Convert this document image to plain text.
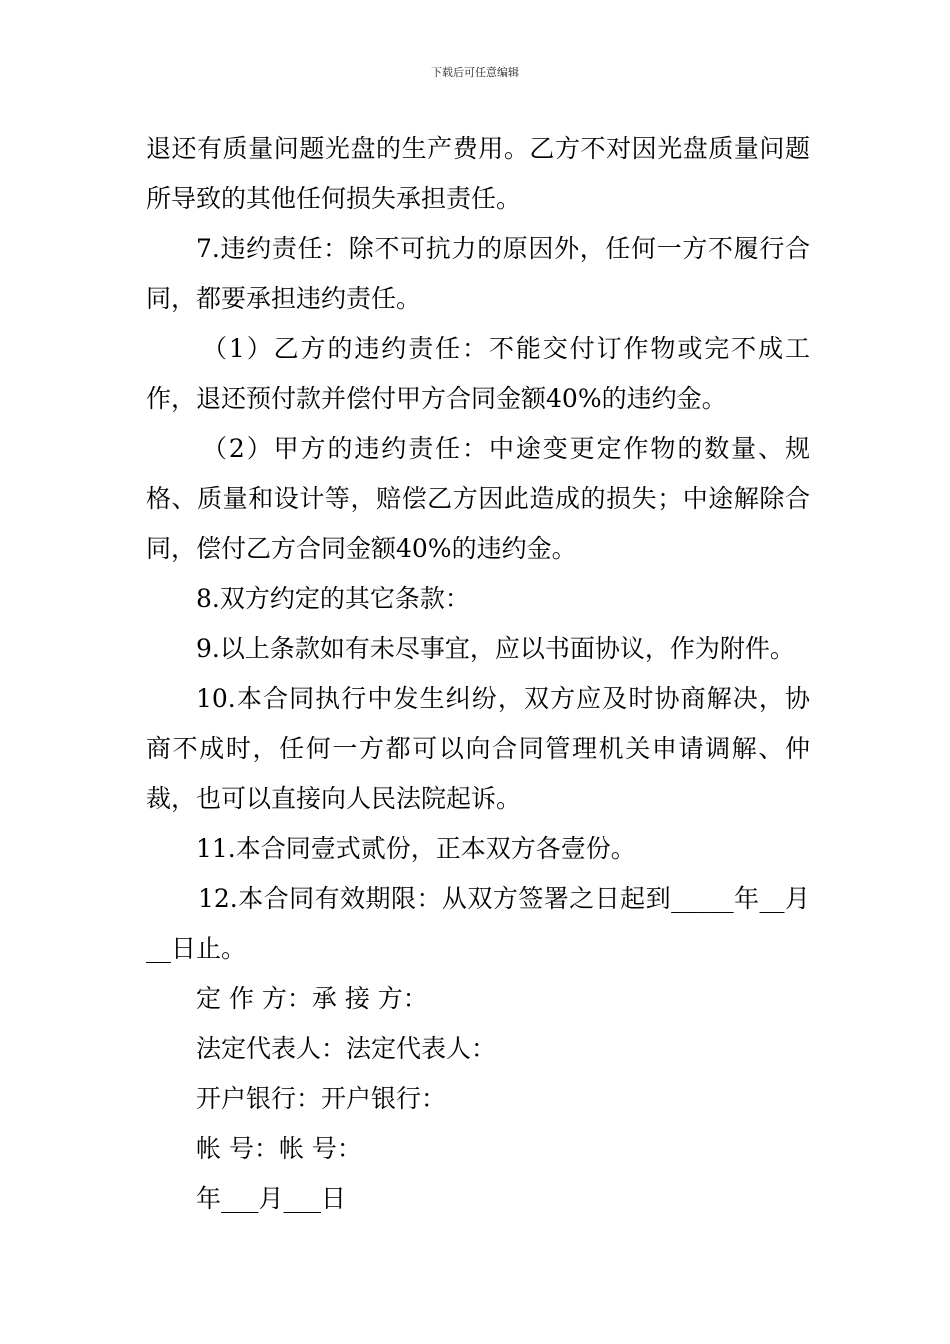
下载后可任意编辑

退还有质量问题光盘的生产费用。乙方不对因光盘质量问题所导致的其他任何损失承担责任。

7.违约责任：除不可抗力的原因外，任何一方不履行合同，都要承担违约责任。

（1）乙方的违约责任：不能交付订作物或完不成工作，退还预付款并偿付甲方合同金额40%的违约金。

（2）甲方的违约责任：中途变更定作物的数量、规格、质量和设计等，赔偿乙方因此造成的损失；中途解除合同，偿付乙方合同金额40%的违约金。

8.双方约定的其它条款：

9.以上条款如有未尽事宜，应以书面协议，作为附件。

10.本合同执行中发生纠纷，双方应及时协商解决，协商不成时，任何一方都可以向合同管理机关申请调解、仲裁，也可以直接向人民法院起诉。

11.本合同壹式贰份，正本双方各壹份。

12.本合同有效期限：从双方签署之日起到_____年__月__日止。

定 作 方：承 接 方：

法定代表人：法定代表人：

开户银行：开户银行：

帐 号：帐 号：

年___月___日
